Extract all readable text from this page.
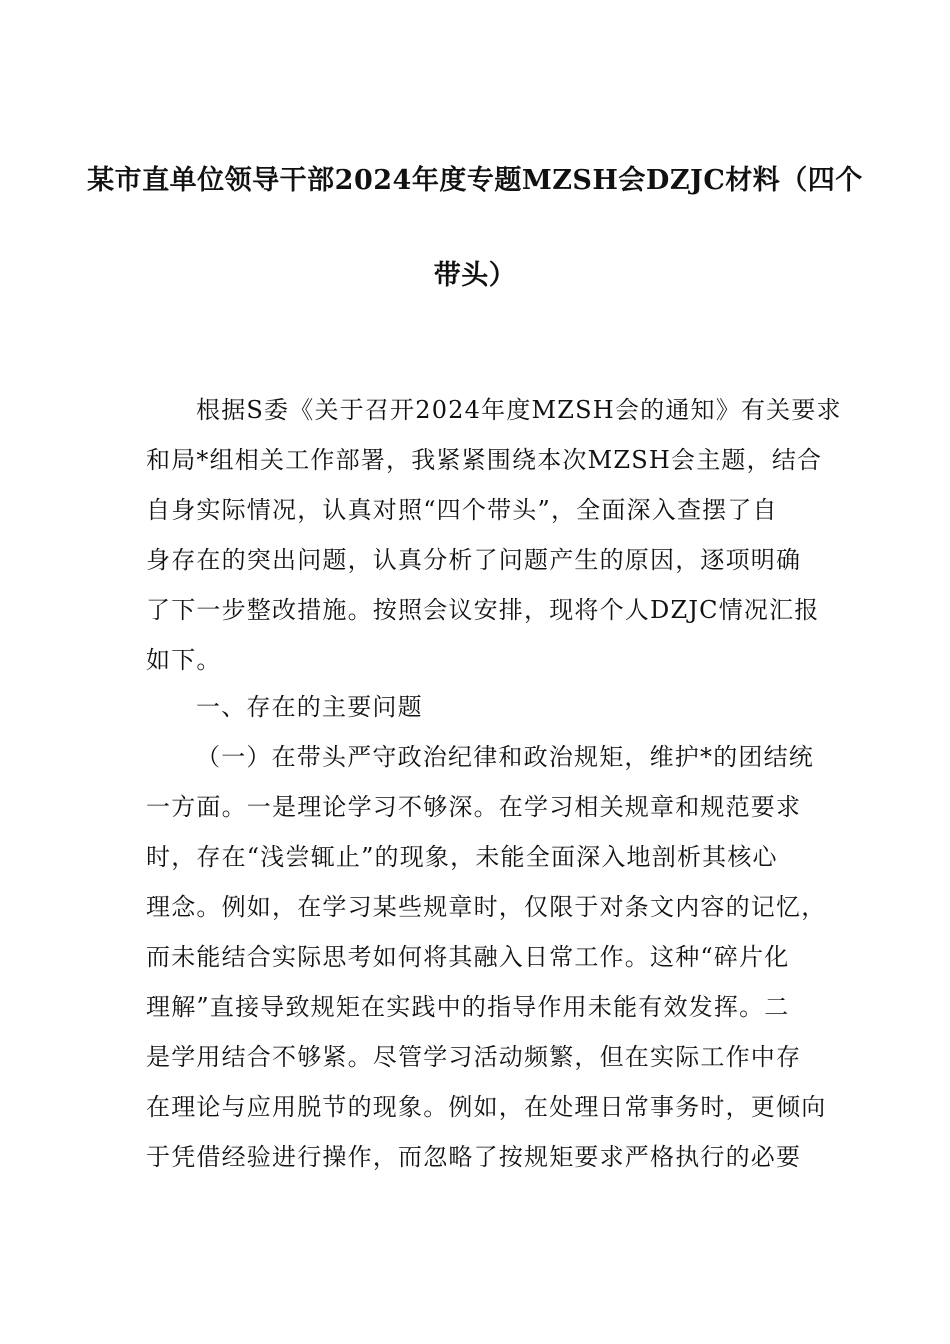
某市直单位领导干部2024年度专题MZSH会DZJC材料（四个
带头）
根据S委《关于召开2024年度MZSH会的通知》有关要求
和局*组相关工作部署，我紧紧围绕本次MZSH会主题，结合
自身实际情况，认真对照“四个带头”，全面深入查摆了自
身存在的突出问题，认真分析了问题产生的原因，逐项明确
了下一步整改措施。按照会议安排，现将个人DZJC情况汇报
如下。
一、存在的主要问题
（一）在带头严守政治纪律和政治规矩，维护*的团结统
一方面。一是理论学习不够深。在学习相关规章和规范要求
时，存在“浅尝辄止”的现象，未能全面深入地剖析其核心
理念。例如，在学习某些规章时，仅限于对条文内容的记忆，
而未能结合实际思考如何将其融入日常工作。这种“碎片化
理解”直接导致规矩在实践中的指导作用未能有效发挥。二
是学用结合不够紧。尽管学习活动频繁，但在实际工作中存
在理论与应用脱节的现象。例如，在处理日常事务时，更倾向
于凭借经验进行操作，而忽略了按规矩要求严格执行的必要
